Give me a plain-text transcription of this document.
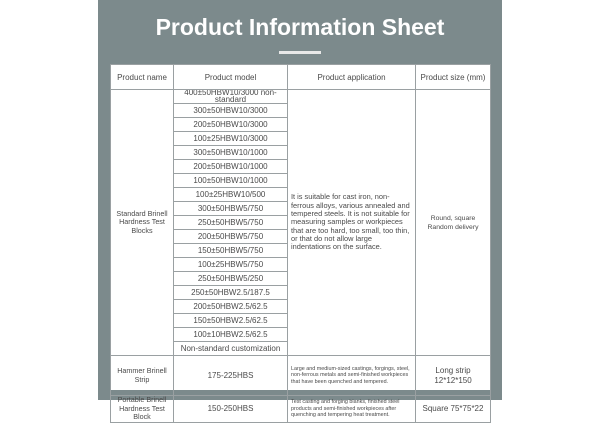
Product Information Sheet
Product name	Product model	Product application	Product size (mm)
Standard Brinell Hardness Test Blocks	400±50HBW10/3000 non-standard	It is suitable for cast iron, non-ferrous alloys, various annealed and tempered steels. It is not suitable for measuring samples or workpieces that are too hard, too small, too thin, or that do not allow large indentations on the surface.	Round, square Random delivery
	300±50HBW10/3000		
	200±50HBW10/3000		
	100±25HBW10/3000		
	300±50HBW10/1000		
	200±50HBW10/1000		
	100±50HBW10/1000		
	100±25HBW10/500		
	300±50HBW5/750		
	250±50HBW5/750		
	200±50HBW5/750		
	150±50HBW5/750		
	100±25HBW5/750		
	250±50HBW5/250		
	250±50HBW2.5/187.5		
	200±50HBW2.5/62.5		
	150±50HBW2.5/62.5		
	100±10HBW2.5/62.5		
	Non-standard customization		
Hammer Brinell Strip	175-225HBS	Large and medium-sized castings, forgings, steel, non-ferrous metals and semi-finished workpieces that have been quenched and tempered.	Long strip 12*12*150
Portable Brinell Hardness Test Block	150-250HBS	Test casting and forging blanks, finished steel products and semi-finished workpieces after quenching and tempering heat treatment.	Square 75*75*22
